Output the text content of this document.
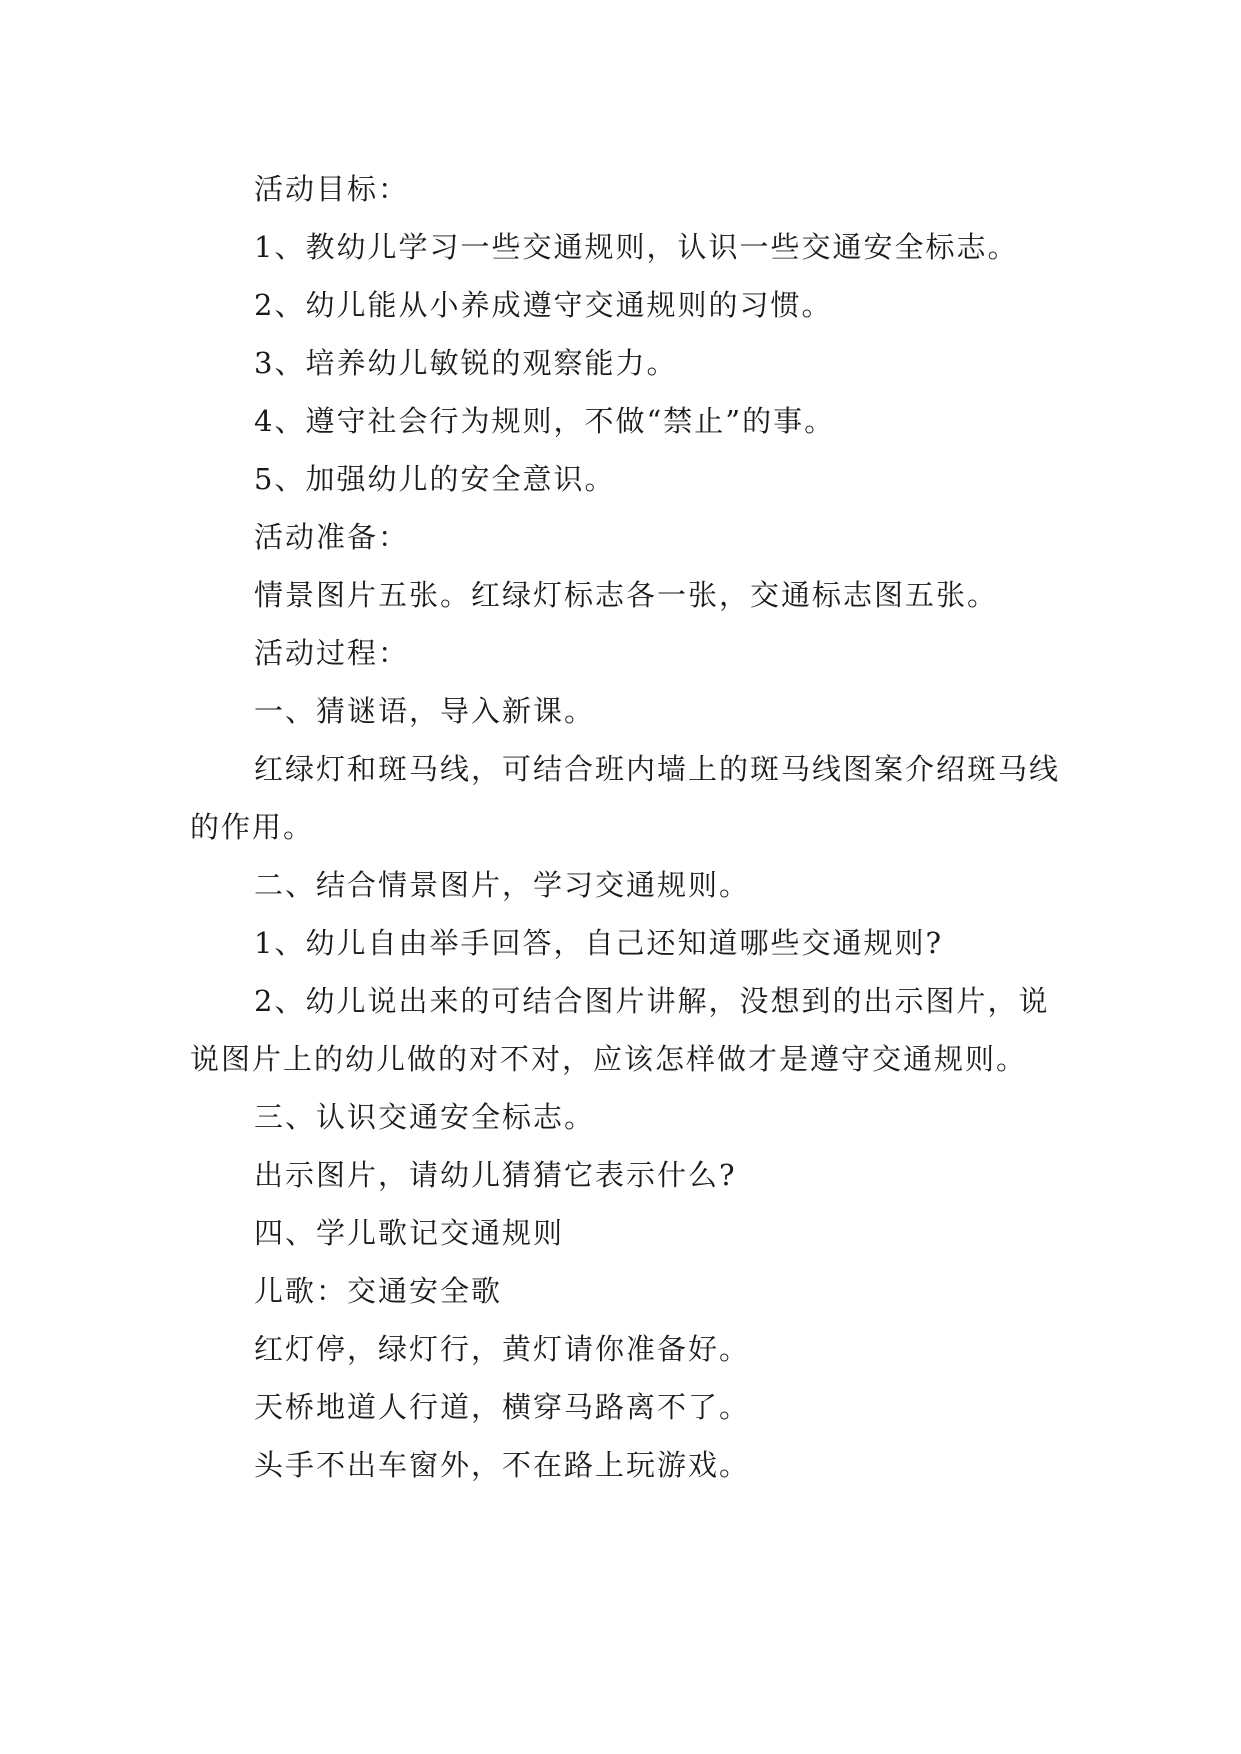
活动目标：

1、教幼儿学习一些交通规则，认识一些交通安全标志。

2、幼儿能从小养成遵守交通规则的习惯。

3、培养幼儿敏锐的观察能力。

4、遵守社会行为规则，不做“禁止”的事。

5、加强幼儿的安全意识。

活动准备：

情景图片五张。红绿灯标志各一张，交通标志图五张。

活动过程：

一、猜谜语，导入新课。

红绿灯和斑马线，可结合班内墙上的斑马线图案介绍斑马线的作用。

二、结合情景图片，学习交通规则。

1、幼儿自由举手回答，自己还知道哪些交通规则?

2、幼儿说出来的可结合图片讲解，没想到的出示图片，说说图片上的幼儿做的对不对，应该怎样做才是遵守交通规则。

三、认识交通安全标志。

出示图片，请幼儿猜猜它表示什么?

四、学儿歌记交通规则

儿歌：交通安全歌

红灯停，绿灯行，黄灯请你准备好。

天桥地道人行道，横穿马路离不了。

头手不出车窗外，不在路上玩游戏。
